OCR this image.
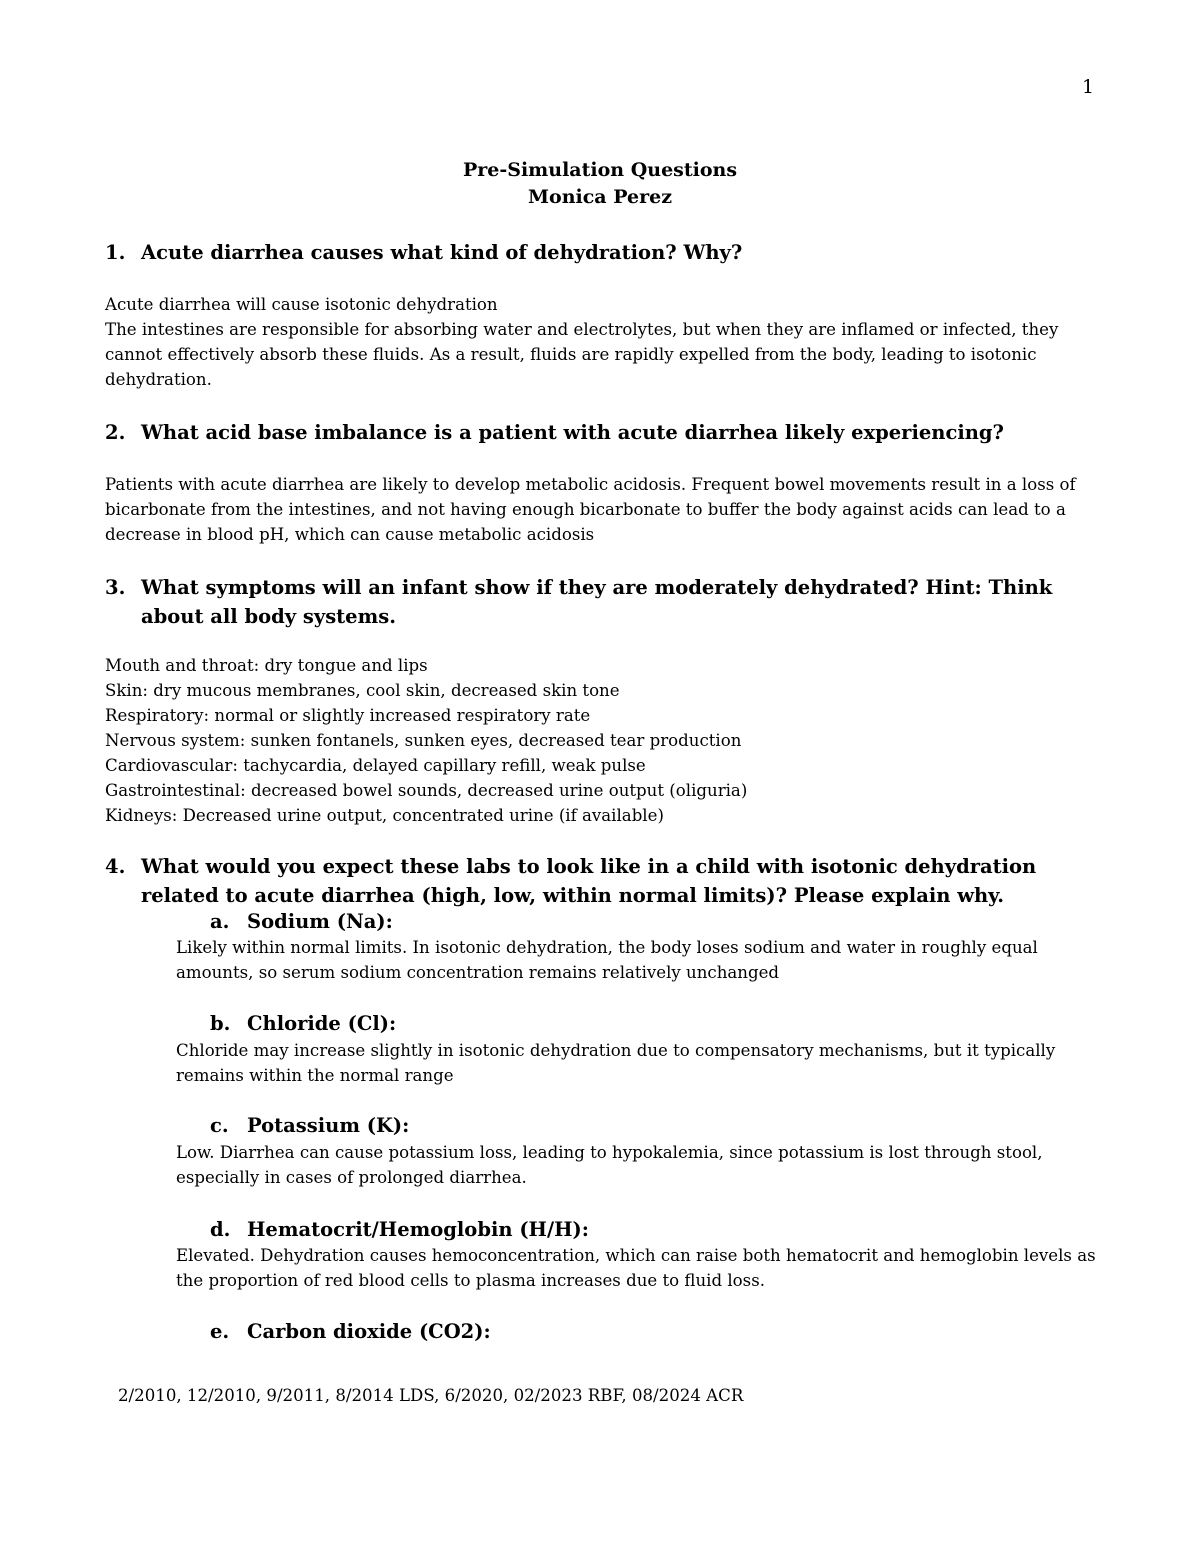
1
Pre-Simulation Questions
Monica Perez
1. Acute diarrhea causes what kind of dehydration? Why?

Acute diarrhea will cause isotonic dehydration

The intestines are responsible for absorbing water and electrolytes, but when they are inflamed or infected, they cannot effectively absorb these fluids. As a result, fluids are rapidly expelled from the body, leading to isotonic dehydration.

2. What acid base imbalance is a patient with acute diarrhea likely experiencing?

Patients with acute diarrhea are likely to develop metabolic acidosis. Frequent bowel movements result in a loss of bicarbonate from the intestines, and not having enough bicarbonate to buffer the body against acids can lead to a decrease in blood pH, which can cause metabolic acidosis

3. What symptoms will an infant show if they are moderately dehydrated? Hint: Think about all body systems.

Mouth and throat: dry tongue and lips

Skin: dry mucous membranes, cool skin, decreased skin tone

Respiratory: normal or slightly increased respiratory rate

Nervous system: sunken fontanels, sunken eyes, decreased tear production

Cardiovascular: tachycardia, delayed capillary refill, weak pulse

Gastrointestinal: decreased bowel sounds, decreased urine output (oliguria)

Kidneys: Decreased urine output, concentrated urine (if available)

4. What would you expect these labs to look like in a child with isotonic dehydration related to acute diarrhea (high, low, within normal limits)? Please explain why.
a. Sodium (Na):

Likely within normal limits. In isotonic dehydration, the body loses sodium and water in roughly equal amounts, so serum sodium concentration remains relatively unchanged

b. Chloride (Cl):

Chloride may increase slightly in isotonic dehydration due to compensatory mechanisms, but it typically remains within the normal range

c. Potassium (K):

Low. Diarrhea can cause potassium loss, leading to hypokalemia, since potassium is lost through stool, especially in cases of prolonged diarrhea.

d. Hematocrit/Hemoglobin (H/H):

Elevated. Dehydration causes hemoconcentration, which can raise both hematocrit and hemoglobin levels as the proportion of red blood cells to plasma increases due to fluid loss.

e. Carbon dioxide (CO2):
2/2010, 12/2010, 9/2011, 8/2014 LDS, 6/2020, 02/2023 RBF, 08/2024 ACR
